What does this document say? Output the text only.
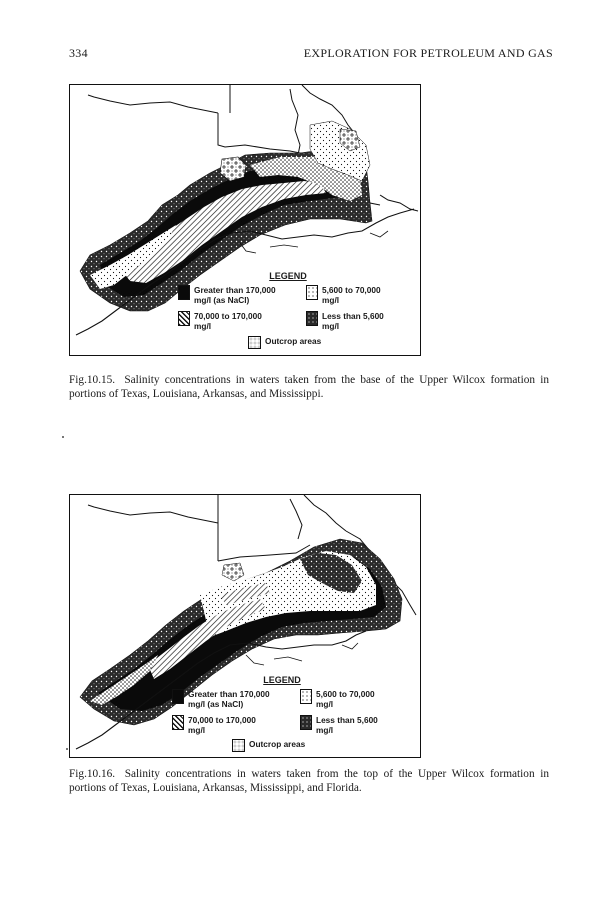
334	EXPLORATION FOR PETROLEUM AND GAS
LEGEND
Greater than 170,000
mg/l (as NaCl)
5,600 to 70,000
mg/l
70,000 to 170,000
mg/l
Less than 5,600
mg/l
Outcrop areas
Fig.10.15. Salinity concentrations in waters taken from the base of the Upper Wilcox formation in portions of Texas, Louisiana, Arkansas, and Mississippi.
LEGEND
Greater than 170,000
mg/l (as NaCl)
5,600 to 70,000
mg/l
70,000 to 170,000
mg/l
Less than 5,600
mg/l
Outcrop areas
Fig.10.16. Salinity concentrations in waters taken from the top of the Upper Wilcox formation in portions of Texas, Louisiana, Arkansas, Mississippi, and Florida.
